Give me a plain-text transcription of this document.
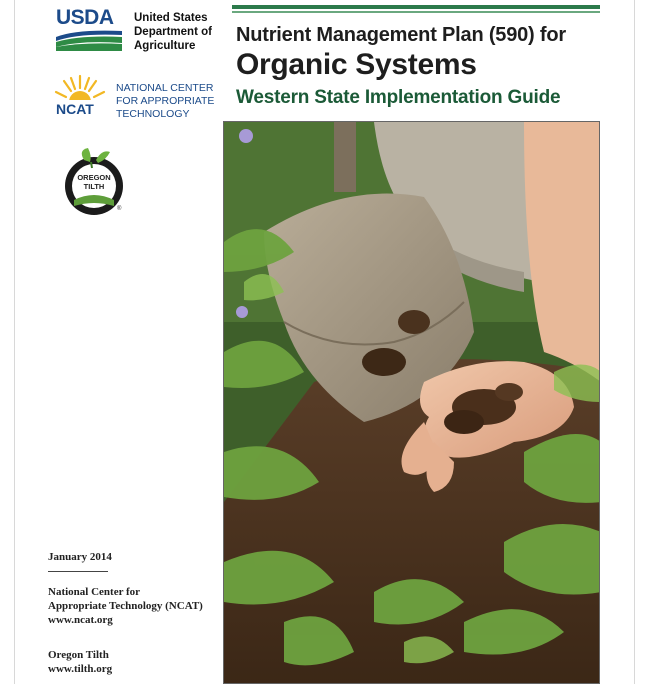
USDA United States
Department of
Agriculture
NCAT
NATIONAL CENTER
FOR APPROPRIATE
TECHNOLOGY
OREGON
TILTH
®
Nutrient Management Plan (590) for
Organic Systems
Western State Implementation Guide
January 2014
National Center for
Appropriate Technology (NCAT)
www.ncat.org
Oregon Tilth
www.tilth.org
